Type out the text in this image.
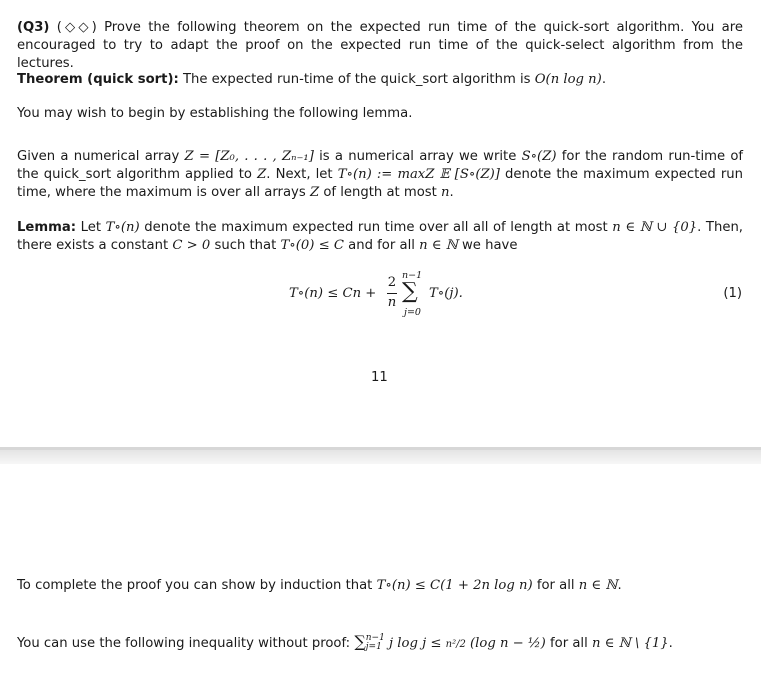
(Q3) (◇◇) Prove the following theorem on the expected run time of the quick-sort algorithm. You are encouraged to try to adapt the proof on the expected run time of the quick-select algorithm from the lectures.
Theorem (quick sort): The expected run-time of the quick_sort algorithm is O(n log n).
You may wish to begin by establishing the following lemma.
Given a numerical array Z = [Z₀, . . . , Zₙ₋₁] is a numerical array we write S∘(Z) for the random run-time of the quick_sort algorithm applied to Z. Next, let T∘(n) := maxZ 𝔼 [S∘(Z)] denote the maximum expected run time, where the maximum is over all arrays Z of length at most n.
Lemma: Let T∘(n) denote the maximum expected run time over all all of length at most n ∈ ℕ ∪ {0}. Then, there exists a constant C > 0 such that T∘(0) ≤ C and for all n ∈ ℕ we have
T∘(n) ≤ Cn +
2
n
n−1
∑
j=0
T∘(j).	(1)
11
To complete the proof you can show by induction that T∘(n) ≤ C(1 + 2n log n) for all n ∈ ℕ.
You can use the following inequality without proof: ∑ n−1
j=1 j log j ≤ n²/2 (log n − ½) for all n ∈ ℕ \ {1}.
